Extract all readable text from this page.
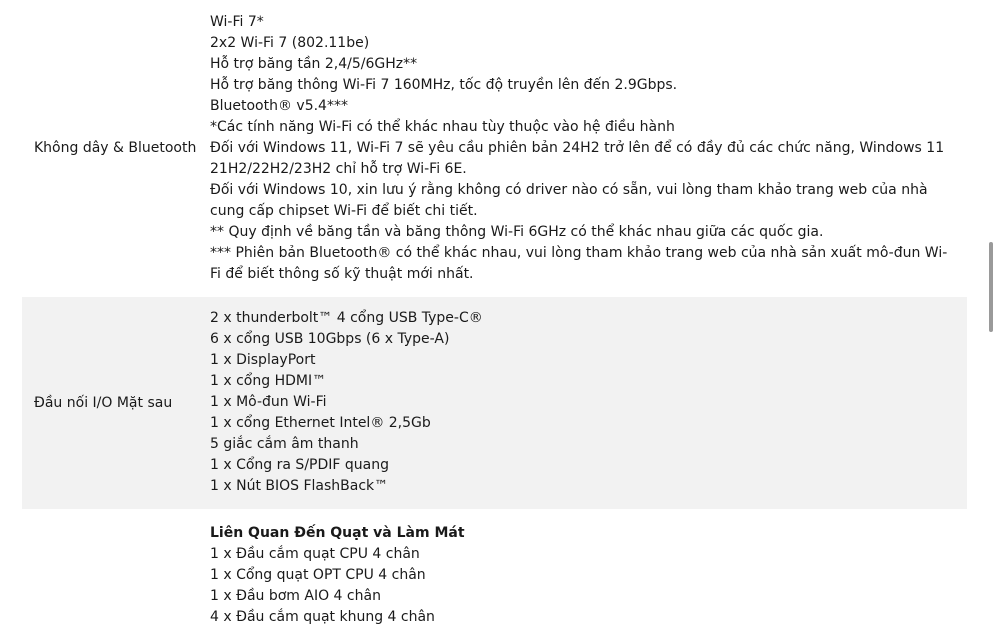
Không dây & Bluetooth
Wi-Fi 7*
2x2 Wi-Fi 7 (802.11be)
Hỗ trợ băng tần 2,4/5/6GHz**
Hỗ trợ băng thông Wi-Fi 7 160MHz, tốc độ truyền lên đến 2.9Gbps.
Bluetooth® v5.4***
*Các tính năng Wi-Fi có thể khác nhau tùy thuộc vào hệ điều hành
Đối với Windows 11, Wi-Fi 7 sẽ yêu cầu phiên bản 24H2 trở lên để có đầy đủ các chức năng, Windows 11 21H2/22H2/23H2 chỉ hỗ trợ Wi-Fi 6E.
Đối với Windows 10, xin lưu ý rằng không có driver nào có sẵn, vui lòng tham khảo trang web của nhà cung cấp chipset Wi-Fi để biết chi tiết.
** Quy định về băng tần và băng thông Wi-Fi 6GHz có thể khác nhau giữa các quốc gia.
*** Phiên bản Bluetooth® có thể khác nhau, vui lòng tham khảo trang web của nhà sản xuất mô-đun Wi-Fi để biết thông số kỹ thuật mới nhất.
Đầu nối I/O Mặt sau
2 x thunderbolt™ 4 cổng USB Type-C®
6 x cổng USB 10Gbps (6 x Type-A)
1 x DisplayPort
1 x cổng HDMI™
1 x Mô-đun Wi-Fi
1 x cổng Ethernet Intel® 2,5Gb
5 giắc cắm âm thanh
1 x Cổng ra S/PDIF quang
1 x Nút BIOS FlashBack™
Liên Quan Đến Quạt và Làm Mát
1 x Đầu cắm quạt CPU 4 chân
1 x Cổng quạt OPT CPU 4 chân
1 x Đầu bơm AIO 4 chân
4 x Đầu cắm quạt khung 4 chân
